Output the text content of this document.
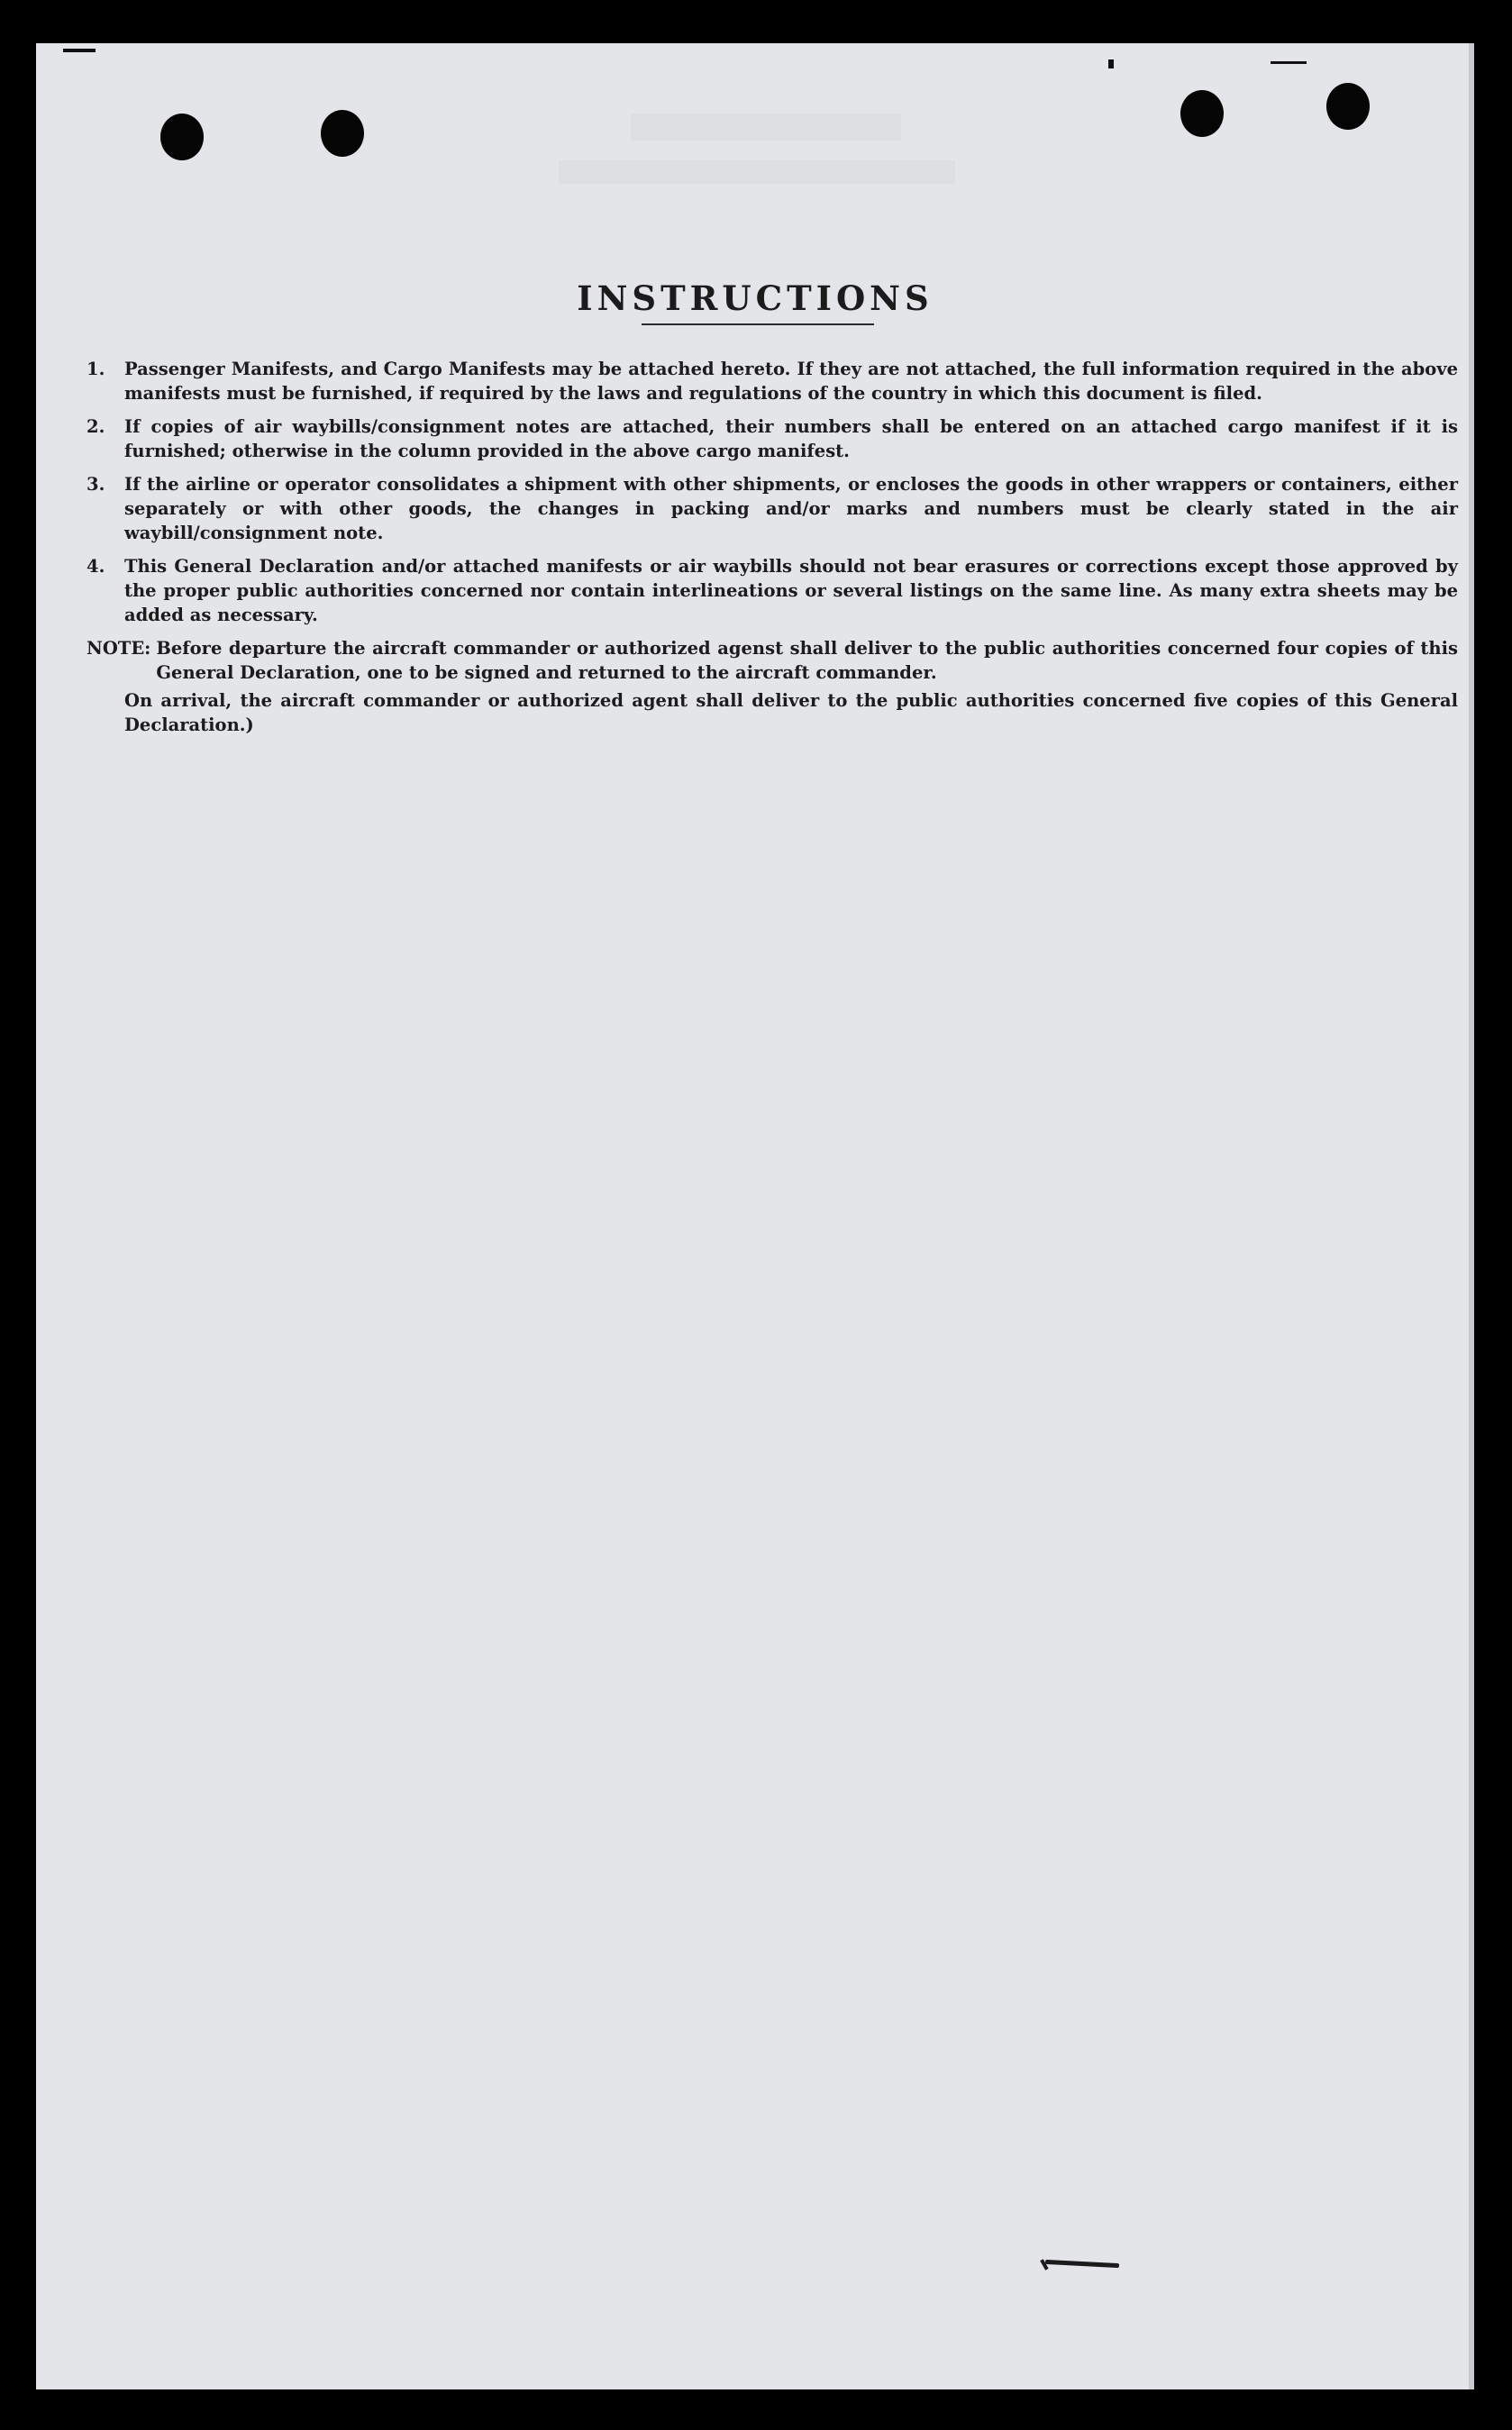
INSTRUCTIONS
1.	Passenger Manifests, and Cargo Manifests may be attached hereto. If they are not attached, the full information required in the above manifests must be furnished, if required by the laws and regulations of the country in which this document is filed.
2.	If copies of air waybills/consignment notes are attached, their numbers shall be entered on an attached cargo manifest if it is furnished; otherwise in the column provided in the above cargo manifest.
3.	If the airline or operator consolidates a shipment with other shipments, or encloses the goods in other wrappers or containers, either separately or with other goods, the changes in packing and/or marks and numbers must be clearly stated in the air waybill/consignment note.
4.	This General Declaration and/or attached manifests or air waybills should not bear erasures or corrections except those approved by the proper public authorities concerned nor contain interlineations or several listings on the same line. As many extra sheets may be added as necessary.
NOTE: Before departure the aircraft commander or authorized agenst shall deliver to the public authorities concerned four copies of this General Declaration, one to be signed and returned to the aircraft commander.
On arrival, the aircraft commander or authorized agent shall deliver to the public authorities concerned five copies of this General Declaration.)
